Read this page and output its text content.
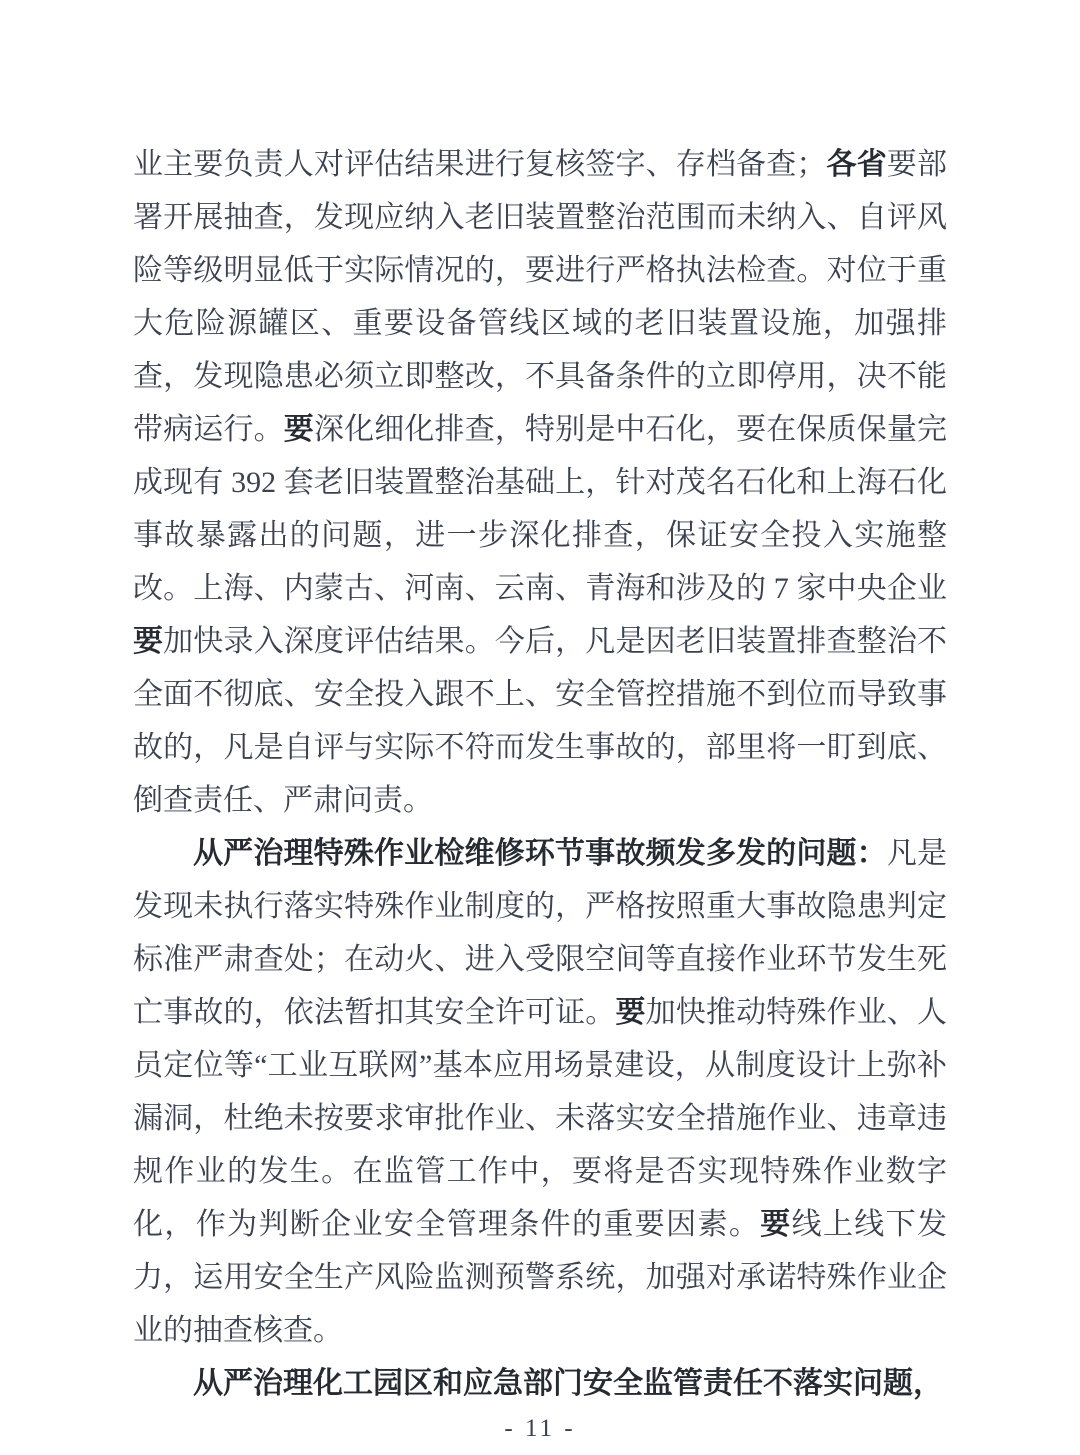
业主要负责人对评估结果进行复核签字、存档备查；各省要部署开展抽查，发现应纳入老旧装置整治范围而未纳入、自评风险等级明显低于实际情况的，要进行严格执法检查。对位于重大危险源罐区、重要设备管线区域的老旧装置设施，加强排查，发现隐患必须立即整改，不具备条件的立即停用，决不能带病运行。要深化细化排查，特别是中石化，要在保质保量完成现有 392 套老旧装置整治基础上，针对茂名石化和上海石化事故暴露出的问题，进一步深化排查，保证安全投入实施整改。上海、内蒙古、河南、云南、青海和涉及的 7 家中央企业要加快录入深度评估结果。今后，凡是因老旧装置排查整治不全面不彻底、安全投入跟不上、安全管控措施不到位而导致事故的，凡是自评与实际不符而发生事故的，部里将一盯到底、倒查责任、严肃问责。

从严治理特殊作业检维修环节事故频发多发的问题：凡是发现未执行落实特殊作业制度的，严格按照重大事故隐患判定标准严肃查处；在动火、进入受限空间等直接作业环节发生死亡事故的，依法暂扣其安全许可证。要加快推动特殊作业、人员定位等“工业互联网”基本应用场景建设，从制度设计上弥补漏洞，杜绝未按要求审批作业、未落实安全措施作业、违章违规作业的发生。在监管工作中，要将是否实现特殊作业数字化，作为判断企业安全管理条件的重要因素。要线上线下发力，运用安全生产风险监测预警系统，加强对承诺特殊作业企业的抽查核查。

从严治理化工园区和应急部门安全监管责任不落实问题，

- 11 -
